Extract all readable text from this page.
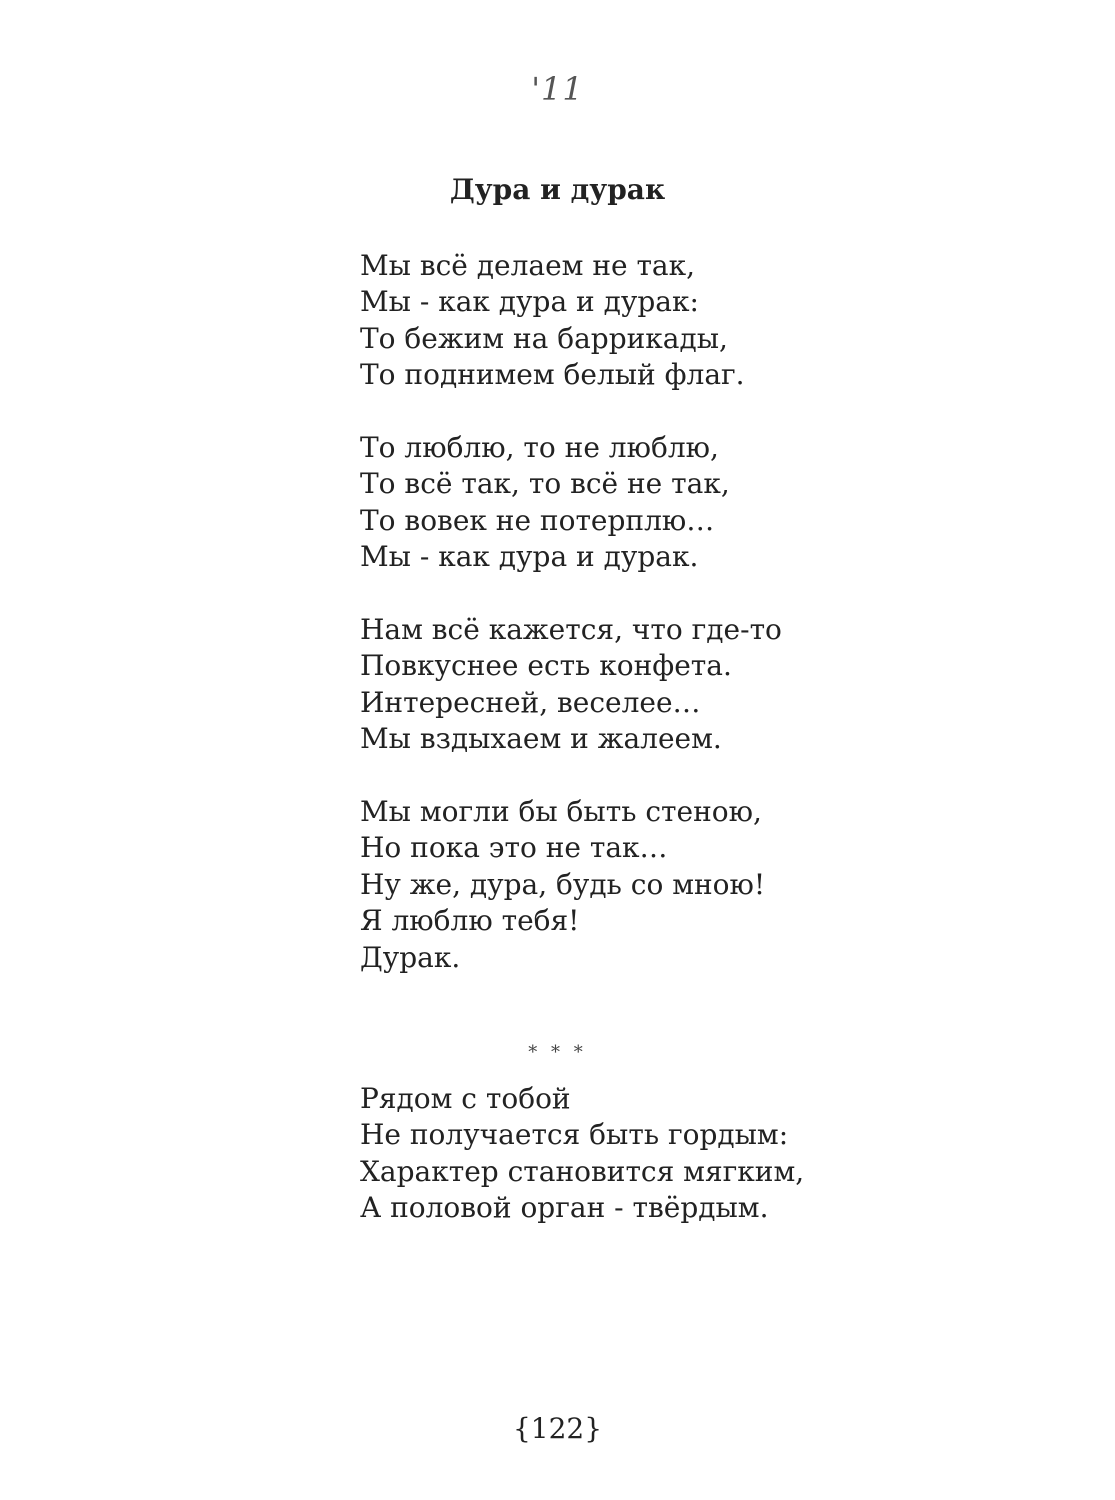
'11
Дура и дурак
Мы всё делаем не так,
Мы - как дура и дурак:
То бежим на баррикады,
То поднимем белый флаг.
То люблю, то не люблю,
То всё так, то всё не так,
То вовек не потерплю…
Мы - как дура и дурак.
Нам всё кажется, что где-то
Повкуснее есть конфета.
Интересней, веселее…
Мы вздыхаем и жалеем.
Мы могли бы быть стеною,
Но пока это не так…
Ну же, дура, будь со мною!
Я люблю тебя!
Дурак.
* * *
Рядом с тобой
Не получается быть гордым:
Характер становится мягким,
А половой орган - твёрдым.
{122}
